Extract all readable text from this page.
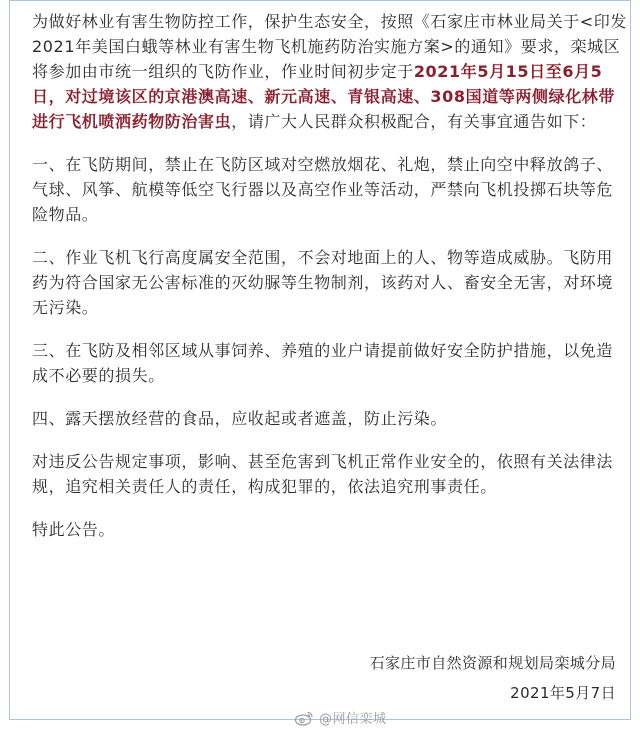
为做好林业有害生物防控工作，保护生态安全，按照《石家庄市林业局关于<印发2021年美国白蛾等林业有害生物飞机施药防治实施方案>的通知》要求，栾城区将参加由市统一组织的飞防作业，作业时间初步定于2021年5月15日至6月5日，对过境该区的京港澳高速、新元高速、青银高速、308国道等两侧绿化林带进行飞机喷洒药物防治害虫，请广大人民群众积极配合，有关事宜通告如下：

一、在飞防期间，禁止在飞防区域对空燃放烟花、礼炮，禁止向空中释放鸽子、气球、风筝、航模等低空飞行器以及高空作业等活动，严禁向飞机投掷石块等危险物品。

二、作业飞机飞行高度属安全范围，不会对地面上的人、物等造成威胁。飞防用药为符合国家无公害标准的灭幼脲等生物制剂，该药对人、畜安全无害，对环境无污染。

三、在飞防及相邻区域从事饲养、养殖的业户请提前做好安全防护措施，以免造成不必要的损失。

四、露天摆放经营的食品，应收起或者遮盖，防止污染。

对违反公告规定事项，影响、甚至危害到飞机正常作业安全的，依照有关法律法规，追究相关责任人的责任，构成犯罪的，依法追究刑事责任。

特此公告。

石家庄市自然资源和规划局栾城分局
2021年5月7日
@网信栾城
